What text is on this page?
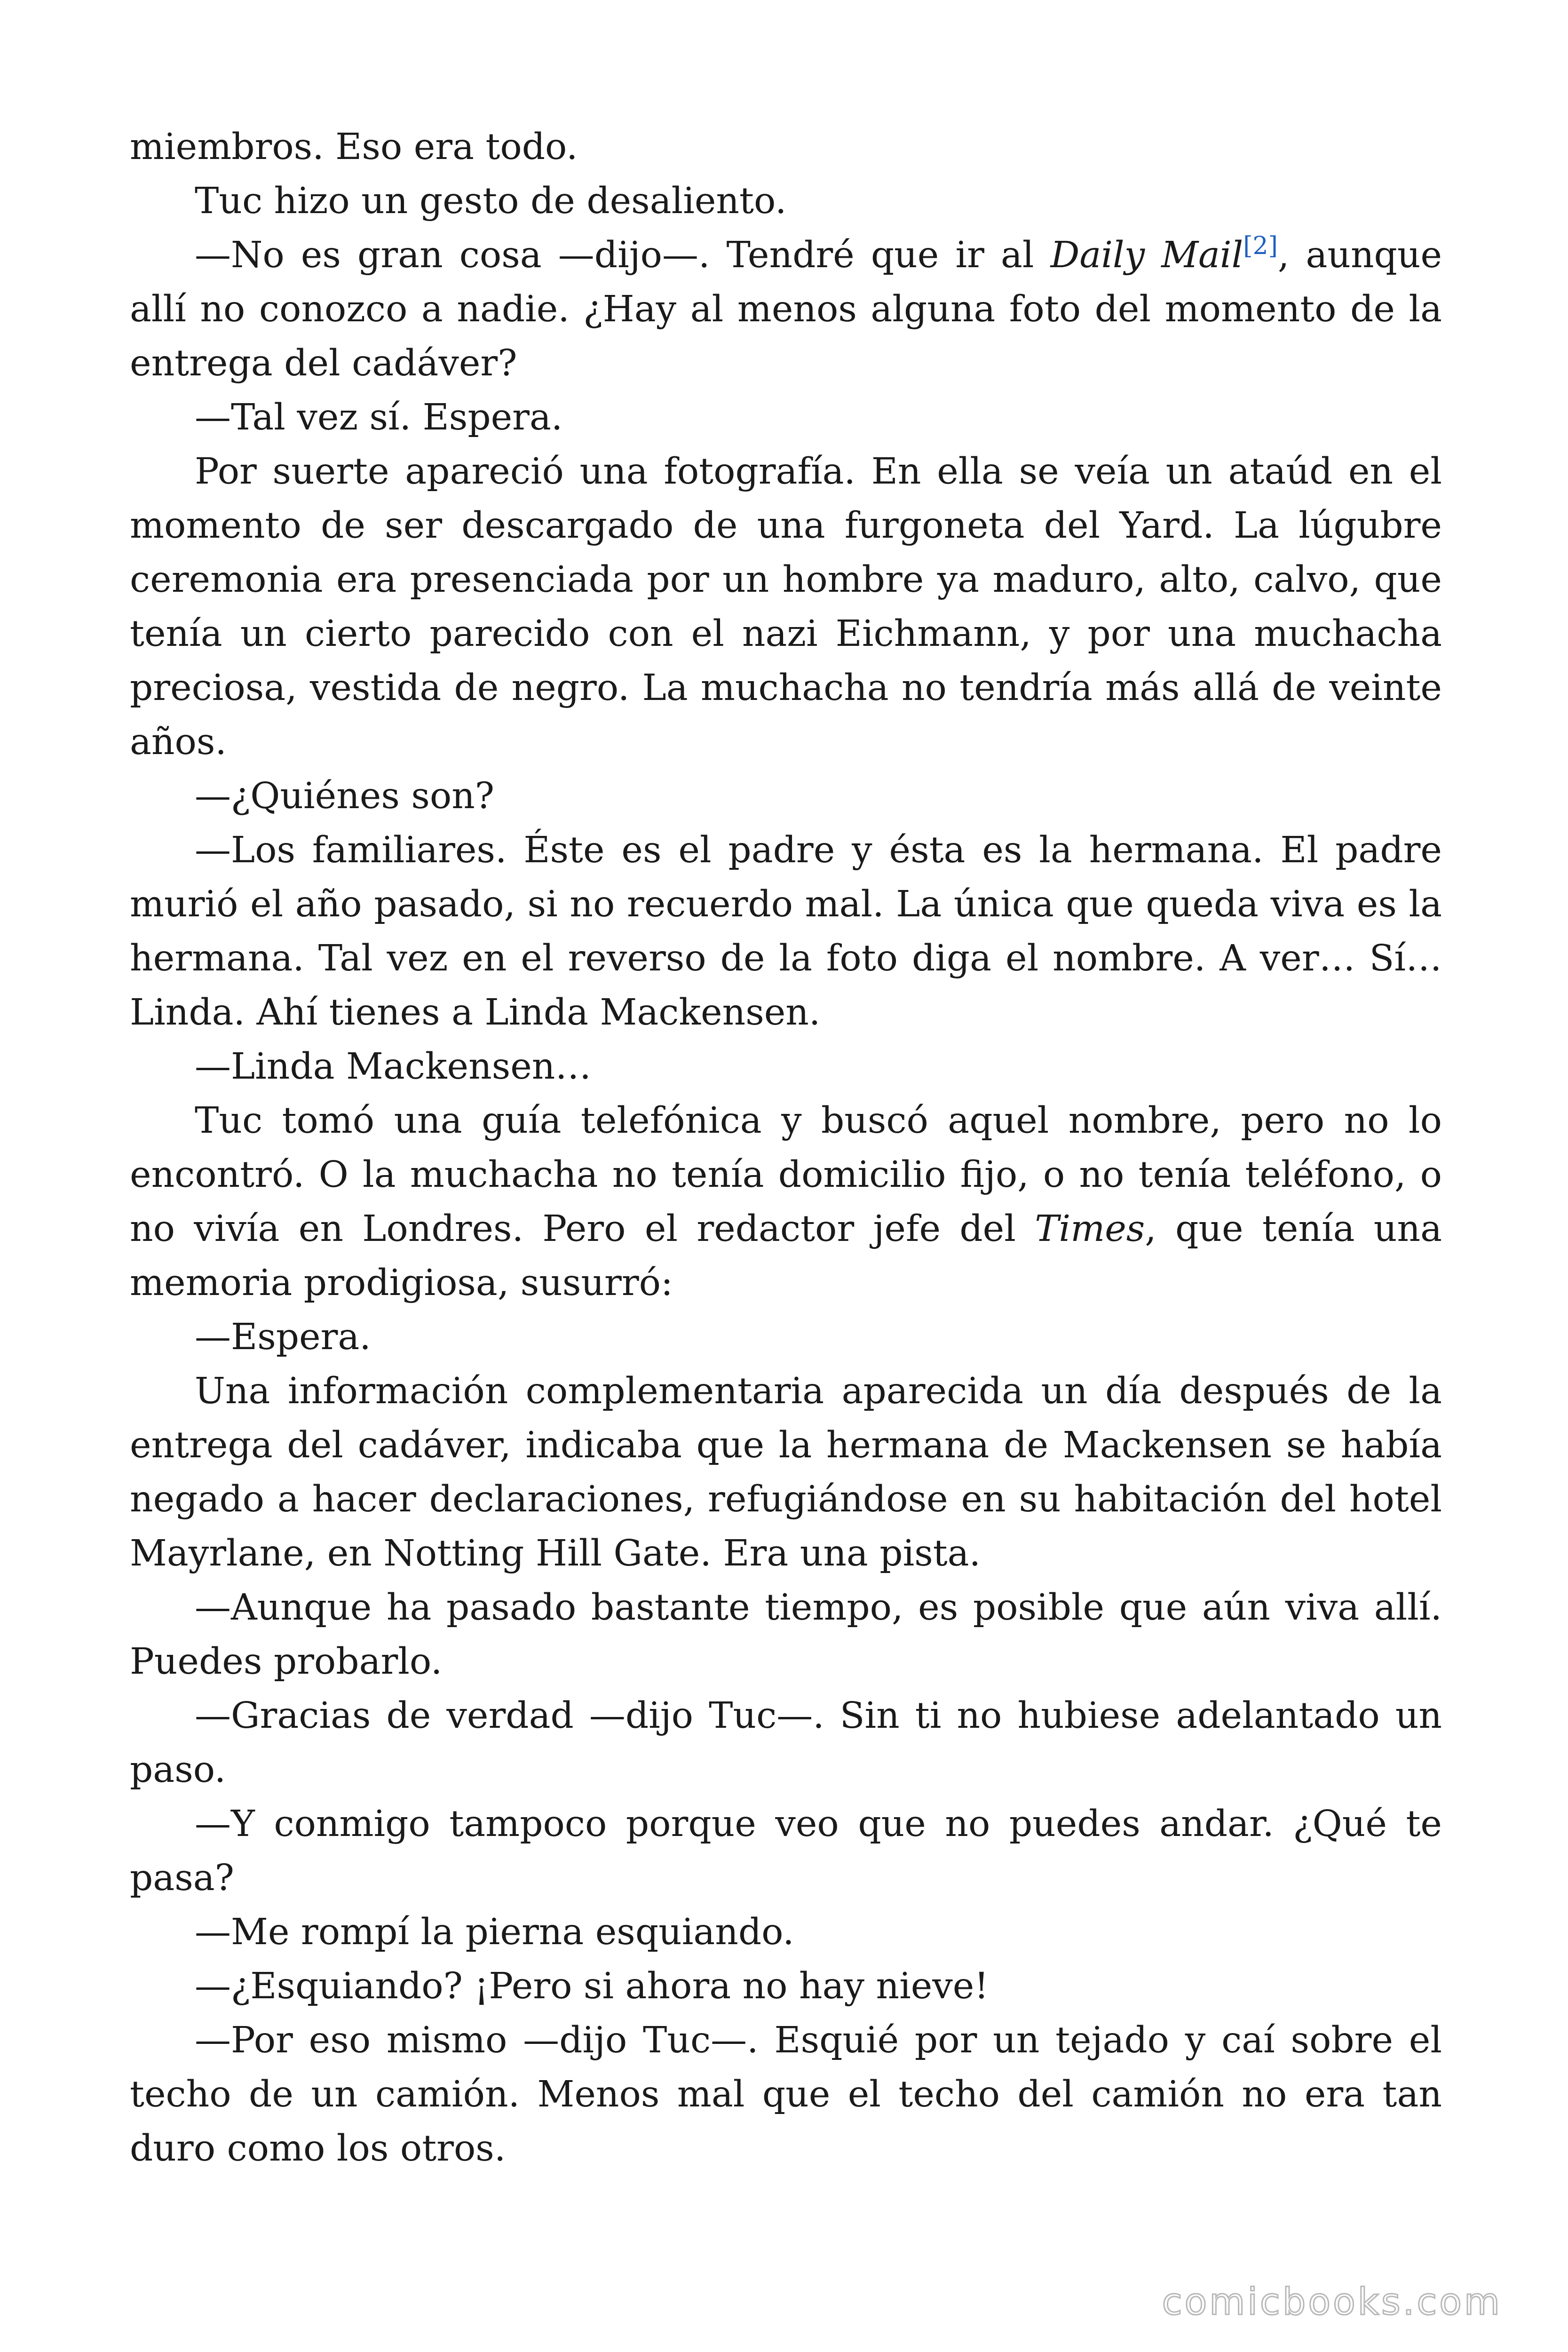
miembros. Eso era todo.

Tuc hizo un gesto de desaliento.

—No es gran cosa —dijo—. Tendré que ir al Daily Mail[2], aunque allí no conozco a nadie. ¿Hay al menos alguna foto del momento de la entrega del cadáver?

—Tal vez sí. Espera.

Por suerte apareció una fotografía. En ella se veía un ataúd en el momento de ser descargado de una furgoneta del Yard. La lúgubre ceremonia era presenciada por un hombre ya maduro, alto, calvo, que tenía un cierto parecido con el nazi Eichmann, y por una muchacha preciosa, vestida de negro. La muchacha no tendría más allá de veinte años.

—¿Quiénes son?

—Los familiares. Éste es el padre y ésta es la hermana. El padre murió el año pasado, si no recuerdo mal. La única que queda viva es la hermana. Tal vez en el reverso de la foto diga el nombre. A ver… Sí… Linda. Ahí tienes a Linda Mackensen.

—Linda Mackensen…

Tuc tomó una guía telefónica y buscó aquel nombre, pero no lo encontró. O la muchacha no tenía domicilio fijo, o no tenía teléfono, o no vivía en Londres. Pero el redactor jefe del Times, que tenía una memoria prodigiosa, susurró:

—Espera.

Una información complementaria aparecida un día después de la entrega del cadáver, indicaba que la hermana de Mackensen se había negado a hacer declaraciones, refugiándose en su habitación del hotel Mayrlane, en Notting Hill Gate. Era una pista.

—Aunque ha pasado bastante tiempo, es posible que aún viva allí. Puedes probarlo.

—Gracias de verdad —dijo Tuc—. Sin ti no hubiese adelantado un paso.

—Y conmigo tampoco porque veo que no puedes andar. ¿Qué te pasa?

—Me rompí la pierna esquiando.

—¿Esquiando? ¡Pero si ahora no hay nieve!

—Por eso mismo —dijo Tuc—. Esquié por un tejado y caí sobre el techo de un camión. Menos mal que el techo del camión no era tan duro como los otros.

comicbooks.com
